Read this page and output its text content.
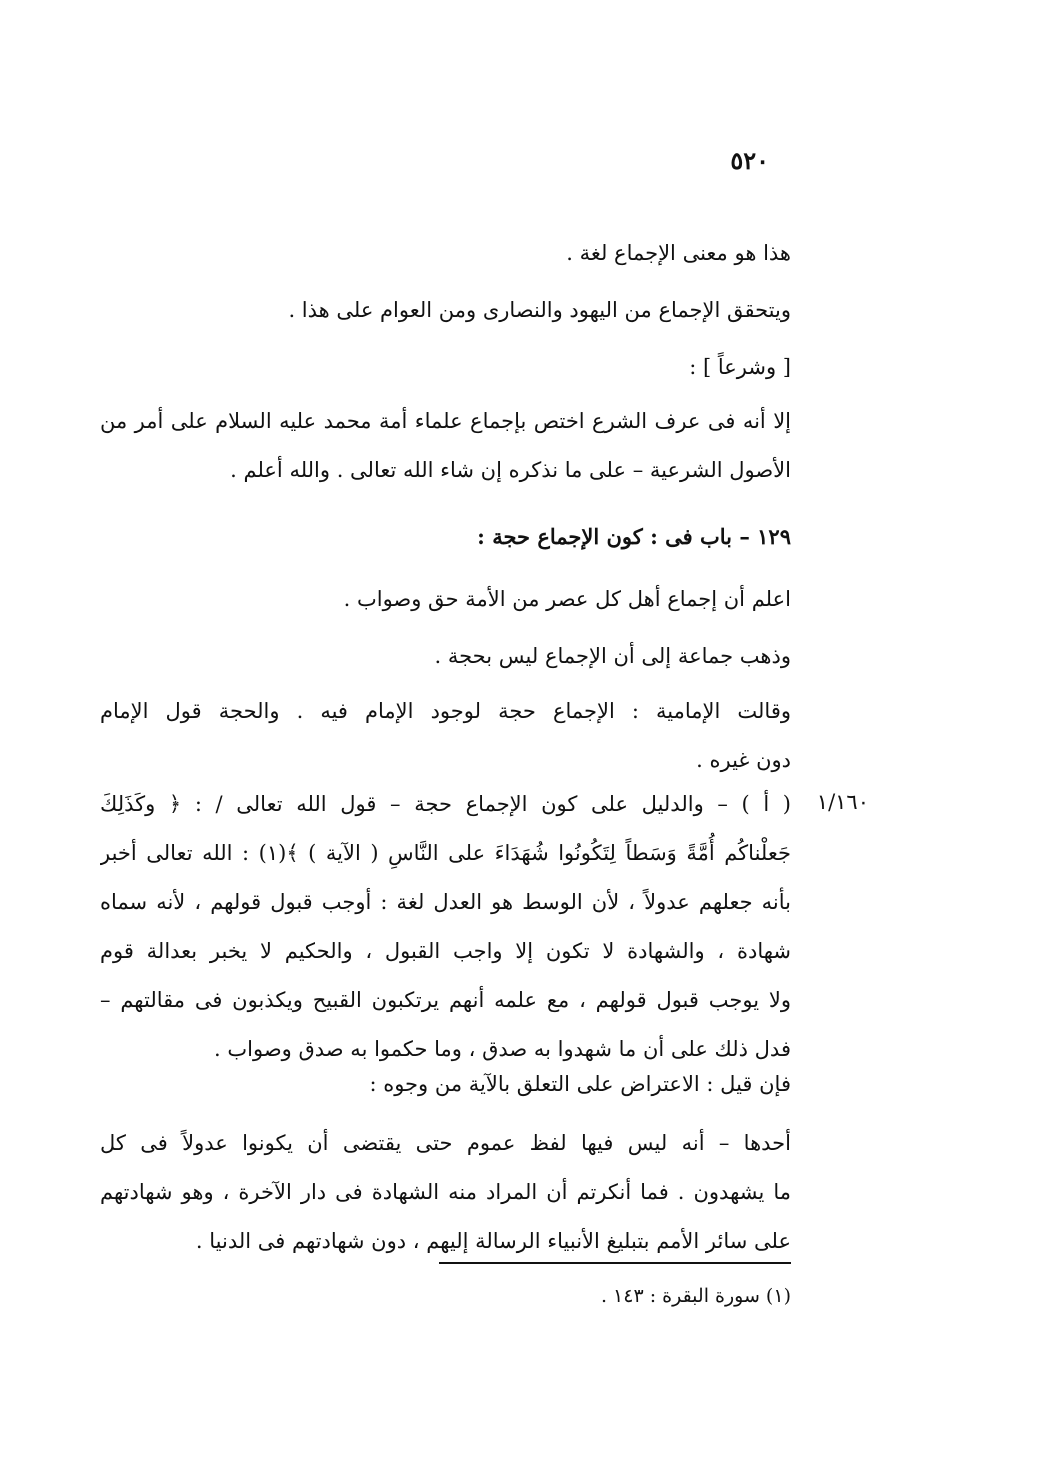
٥٢٠
هذا هو معنى الإجماع لغة .
ويتحقق الإجماع من اليهود والنصارى ومن العوام على هذا .
[ وشرعاً ] :
إلا أنه فى عرف الشرع اختص بإجماع علماء أمة محمد عليه السلام على أمر من
الأصول الشرعية – على ما نذكره إن شاء الله تعالى . والله أعلم .
١٢٩ – باب فى : كون الإجماع حجة :
اعلم أن إجماع أهل كل عصر من الأمة حق وصواب .
وذهب جماعة إلى أن الإجماع ليس بحجة .
وقالت الإمامية : الإجماع حجة لوجود الإمام فيه . والحجة قول الإمام
دون غيره .
١/١٦٠
( أ ) – والدليل على كون الإجماع حجة – قول الله تعالى / : ﴿ وكَذَلِكَ
جَعلْناكُم أُمَّةً وَسَطاً لِتَكُونُوا شُهَدَاءَ على النَّاسِ ( الآية ) ﴾(١) : الله تعالى أخبر
بأنه جعلهم عدولاً ، لأن الوسط هو العدل لغة : أوجب قبول قولهم ، لأنه سماه
شهادة ، والشهادة لا تكون إلا واجب القبول ، والحكيم لا يخبر بعدالة قوم
ولا يوجب قبول قولهم ، مع علمه أنهم يرتكبون القبيح ويكذبون فى مقالتهم –
فدل ذلك على أن ما شهدوا به صدق ، وما حكموا به صدق وصواب .
فإن قيل : الاعتراض على التعلق بالآية من وجوه :
أحدها – أنه ليس فيها لفظ عموم حتى يقتضى أن يكونوا عدولاً فى كل
ما يشهدون . فما أنكرتم أن المراد منه الشهادة فى دار الآخرة ، وهو شهادتهم
على سائر الأمم بتبليغ الأنبياء الرسالة إليهم ، دون شهادتهم فى الدنيا .
(١) سورة البقرة : ١٤٣ .
